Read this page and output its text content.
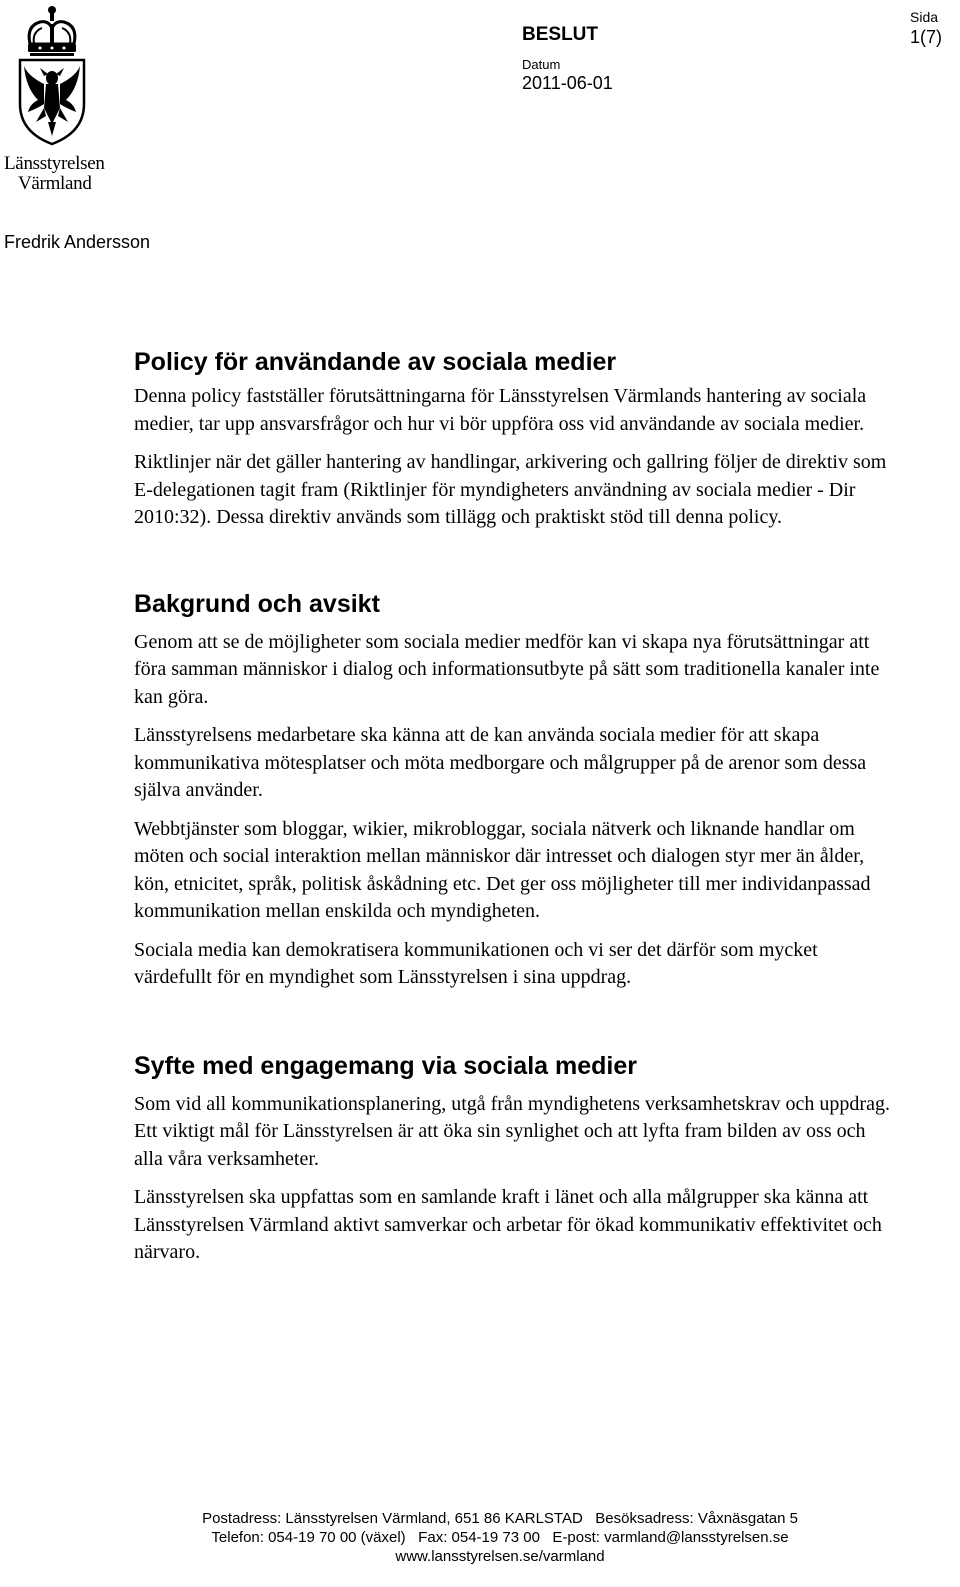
Länsstyrelsen
Värmland
BESLUT
Datum
2011-06-01
Sida
1(7)
Fredrik Andersson
Policy för användande av sociala medier

Denna policy fastställer förutsättningarna för Länsstyrelsen Värmlands hantering av sociala medier, tar upp ansvarsfrågor och hur vi bör uppföra oss vid användande av sociala medier.

Riktlinjer när det gäller hantering av handlingar, arkivering och gallring följer de direktiv som E-delegationen tagit fram (Riktlinjer för myndigheters användning av sociala medier - Dir 2010:32). Dessa direktiv används som tillägg och praktiskt stöd till denna policy.

Bakgrund och avsikt

Genom att se de möjligheter som sociala medier medför kan vi skapa nya förutsättningar att föra samman människor i dialog och informationsutbyte på sätt som traditionella kanaler inte kan göra.

Länsstyrelsens medarbetare ska känna att de kan använda sociala medier för att skapa kommunikativa mötesplatser och möta medborgare och målgrupper på de arenor som dessa själva använder.

Webbtjänster som bloggar, wikier, mikrobloggar, sociala nätverk och liknande handlar om möten och social interaktion mellan människor där intresset och dialogen styr mer än ålder, kön, etnicitet, språk, politisk åskådning etc. Det ger oss möjligheter till mer individanpassad kommunikation mellan enskilda och myndigheten.

Sociala media kan demokratisera kommunikationen och vi ser det därför som mycket värdefullt för en myndighet som Länsstyrelsen i sina uppdrag.

Syfte med engagemang via sociala medier

Som vid all kommunikationsplanering, utgå från myndighetens verksamhetskrav och uppdrag. Ett viktigt mål för Länsstyrelsen är att öka sin synlighet och att lyfta fram bilden av oss och alla våra verksamheter.

Länsstyrelsen ska uppfattas som en samlande kraft i länet och alla målgrupper ska känna att Länsstyrelsen Värmland aktivt samverkar och arbetar för ökad kommunikativ effektivitet och närvaro.

Postadress: Länsstyrelsen Värmland, 651 86 KARLSTAD   Besöksadress: Våxnäsgatan 5
Telefon: 054-19 70 00 (växel)   Fax: 054-19 73 00   E-post: varmland@lansstyrelsen.se
www.lansstyrelsen.se/varmland
